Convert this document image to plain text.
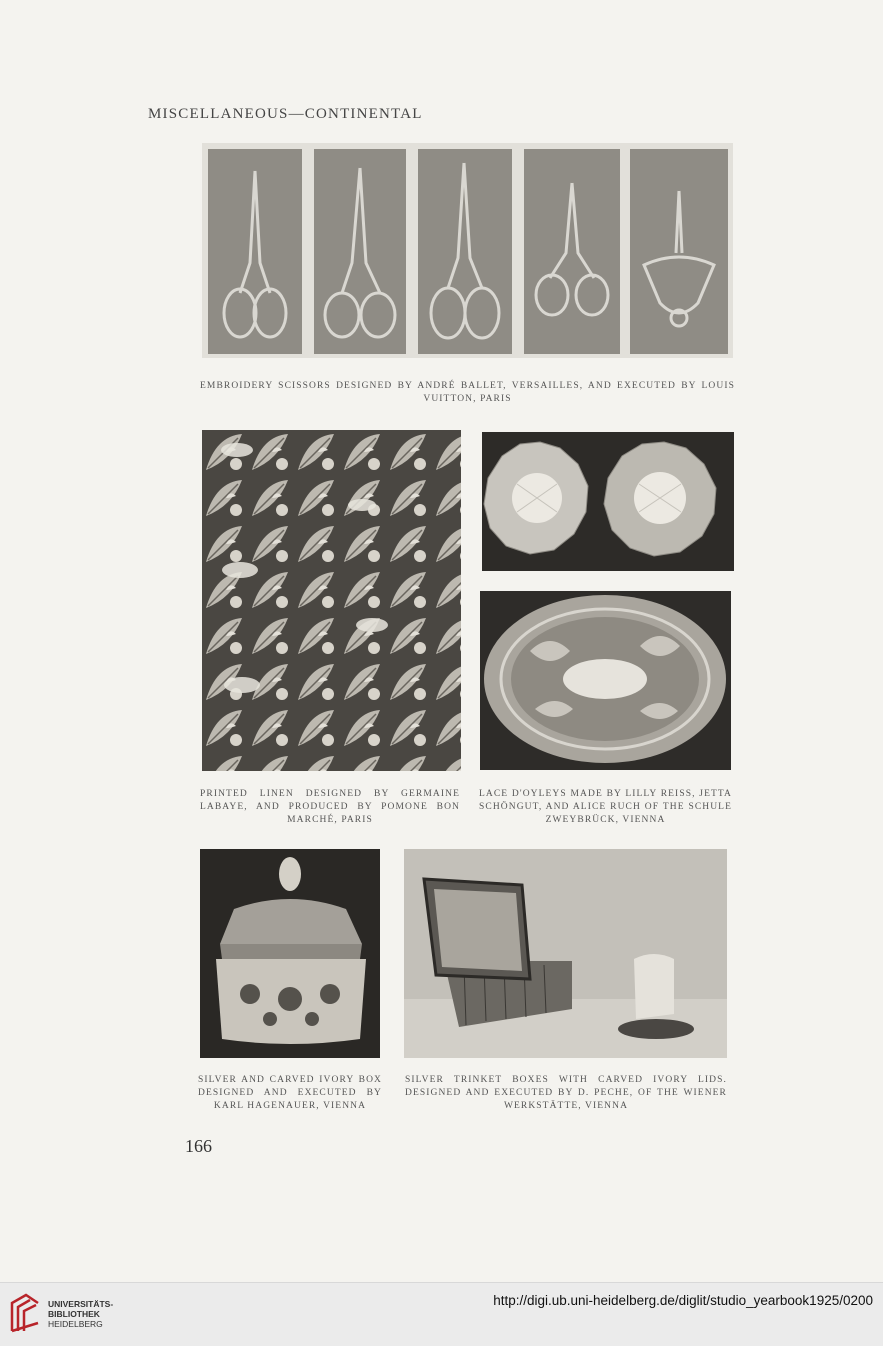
MISCELLANEOUS—CONTINENTAL
EMBROIDERY SCISSORS DESIGNED BY ANDRÉ BALLET, VERSAILLES, AND EXECUTED BY LOUIS VUITTON, PARIS
PRINTED LINEN DESIGNED BY GERMAINE LABAYE, AND PRODUCED BY POMONE BON MARCHÉ, PARIS
LACE D'OYLEYS MADE BY LILLY REISS, JETTA SCHÖNGUT, AND ALICE RUCH OF THE SCHULE ZWEYBRÜCK, VIENNA
SILVER AND CARVED IVORY BOX DESIGNED AND EXECUTED BY KARL HAGENAUER, VIENNA
SILVER TRINKET BOXES WITH CARVED IVORY LIDS. DESIGNED AND EXECUTED BY D. PECHE, OF THE WIENER WERKSTÄTTE, VIENNA
166
UNIVERSITÄTS-
BIBLIOTHEK
HEIDELBERG
http://digi.ub.uni-heidelberg.de/diglit/studio_yearbook1925/0200
